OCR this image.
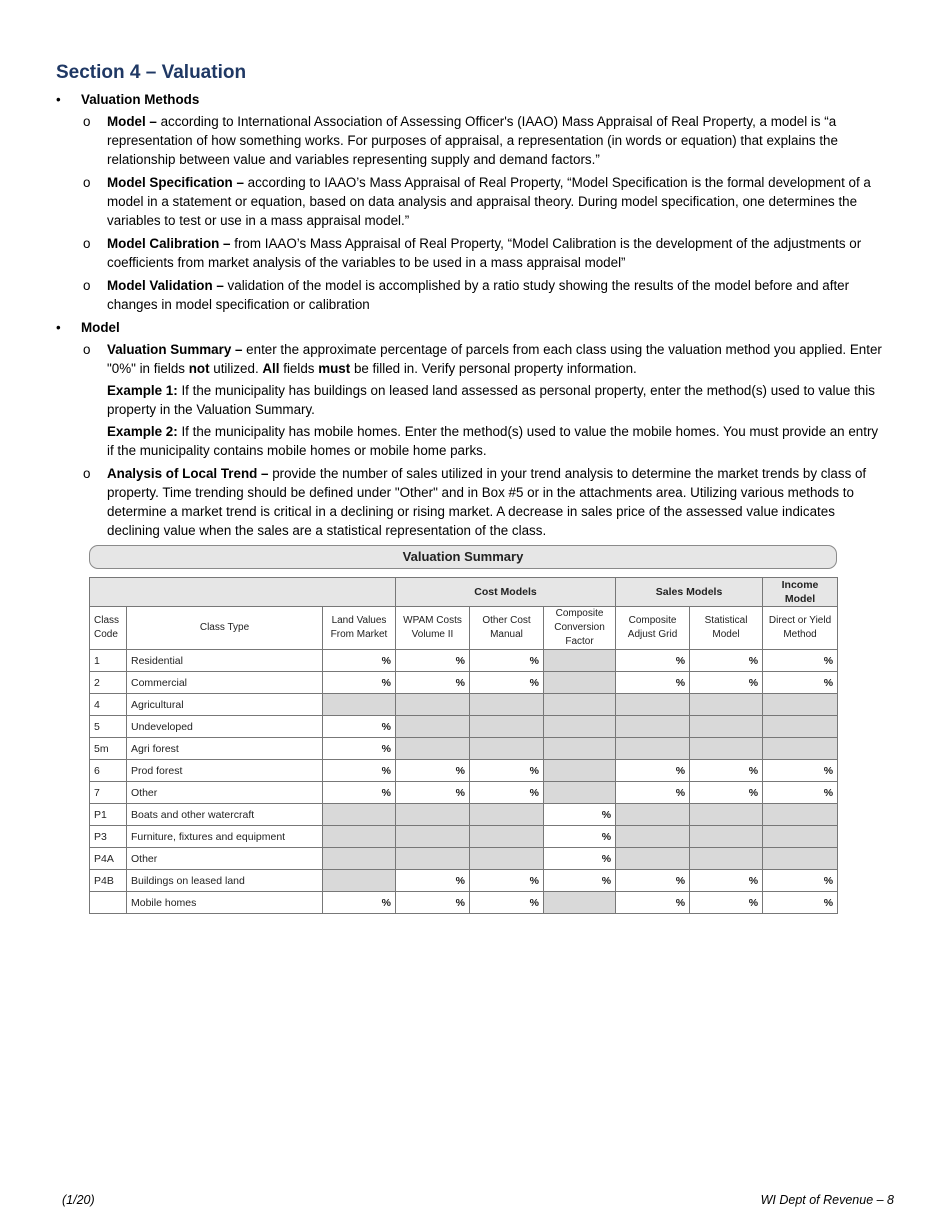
Section 4 – Valuation
• Valuation Methods
o Model – according to International Association of Assessing Officer's (IAAO) Mass Appraisal of Real Property, a model is “a representation of how something works. For purposes of appraisal, a representation (in words or equation) that explains the relationship between value and variables representing supply and demand factors.”
o Model Specification – according to IAAO’s Mass Appraisal of Real Property, “Model Specification is the formal development of a model in a statement or equation, based on data analysis and appraisal theory. During model specification, one determines the variables to test or use in a mass appraisal model.”
o Model Calibration – from IAAO’s Mass Appraisal of Real Property, “Model Calibration is the development of the adjustments or coefficients from market analysis of the variables to be used in a mass appraisal model”
o Model Validation – validation of the model is accomplished by a ratio study showing the results of the model before and after changes in model specification or calibration
• Model
o Valuation Summary – enter the approximate percentage of parcels from each class using the valuation method you applied. Enter "0%" in fields not utilized. All fields must be filled in. Verify personal property information.

Example 1: If the municipality has buildings on leased land assessed as personal property, enter the method(s) used to value this property in the Valuation Summary.

Example 2: If the municipality has mobile homes. Enter the method(s) used to value the mobile homes. You must provide an entry if the municipality contains mobile homes or mobile home parks.

o Analysis of Local Trend – provide the number of sales utilized in your trend analysis to determine the market trends by class of property. Time trending should be defined under "Other" and in Box #5 or in the attachments area. Utilizing various methods to determine a market trend is critical in a declining or rising market. A decrease in sales price of the assessed value indicates declining value when the sales are a statistical representation of the class.
Valuation Summary
			Cost Models			Sales Models		Income Model
Class Code	Class Type	Land Values From Market	WPAM Costs Volume II	Other Cost Manual	Composite Conversion Factor	Composite Adjust Grid	Statistical Model	Direct or Yield Method
1	Residential	%	%	%		%	%	%
2	Commercial	%	%	%		%	%	%
4	Agricultural							
5	Undeveloped	%						
5m	Agri forest	%						
6	Prod forest	%	%	%		%	%	%
7	Other	%	%	%		%	%	%
P1	Boats and other watercraft				%			
P3	Furniture, fixtures and equipment				%			
P4A	Other				%			
P4B	Buildings on leased land		%	%	%	%	%	%
	Mobile homes	%	%	%		%	%	%
(1/20)	WI Dept of Revenue – 8
